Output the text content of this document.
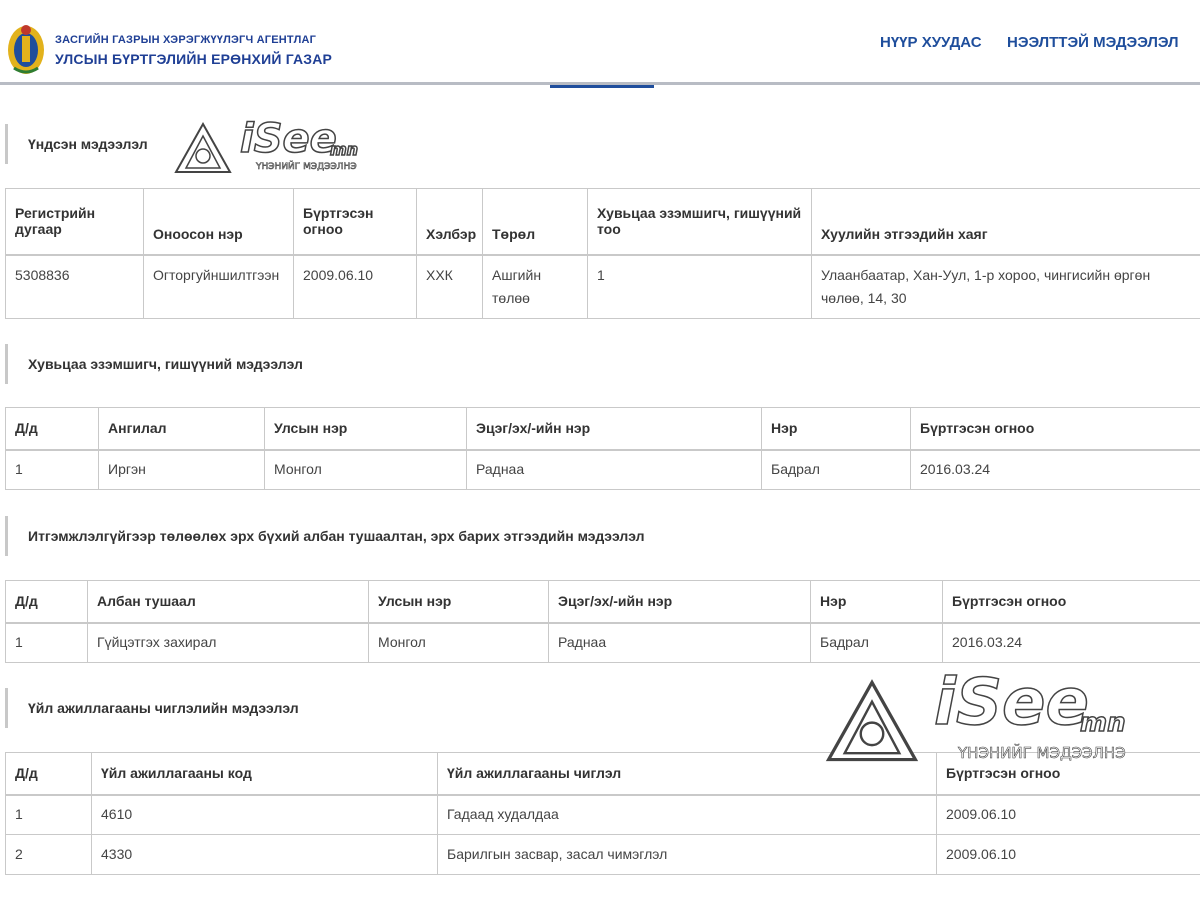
ЗАСГИЙН ГАЗРЫН ХЭРЭГЖҮҮЛЭГЧ АГЕНТЛАГ
УЛСЫН БҮРТГЭЛИЙН ЕРӨНХИЙ ГАЗАР
НҮҮР ХУУДАС НЭЭЛТТЭЙ МЭДЭЭЛЭЛ
Үндсэн мэдээлэл iSee
mn
ҮНЭНИЙГ МЭДЭЭЛНЭ
Регистрийн дугаар	Оноосон нэр	Бүртгэсэн огноо	Хэлбэр	Төрөл	Хувьцаа эзэмшигч, гишүүний тоо	Хуулийн этгээдийн хаяг
5308836	Огторгуйншилтгээн	2009.06.10	ХХК	Ашгийн төлөө	1	Улаанбаатар, Хан-Уул, 1-р хороо, чингисийн өргөн чөлөө, 14, 30
Хувьцаа эзэмшигч, гишүүний мэдээлэл
Д/д	Ангилал	Улсын нэр	Эцэг/эх/-ийн нэр	Нэр	Бүртгэсэн огноо
1	Иргэн	Монгол	Раднаа	Бадрал	2016.03.24
Итгэмжлэлгүйгээр төлөөлөх эрх бүхий албан тушаалтан, эрх барих этгээдийн мэдээлэл
Д/д	Албан тушаал	Улсын нэр	Эцэг/эх/-ийн нэр	Нэр	Бүртгэсэн огноо
1	Гүйцэтгэх захирал	Монгол	Раднаа	Бадрал	2016.03.24
Үйл ажиллагааны чиглэлийн мэдээлэл
Д/д	Үйл ажиллагааны код	Үйл ажиллагааны чиглэл	Бүртгэсэн огноо
1	4610	Гадаад худалдаа	2009.06.10
2	4330	Барилгын засвар, засал чимэглэл	2009.06.10
iSee
mn
ҮНЭНИЙГ МЭДЭЭЛНЭ
